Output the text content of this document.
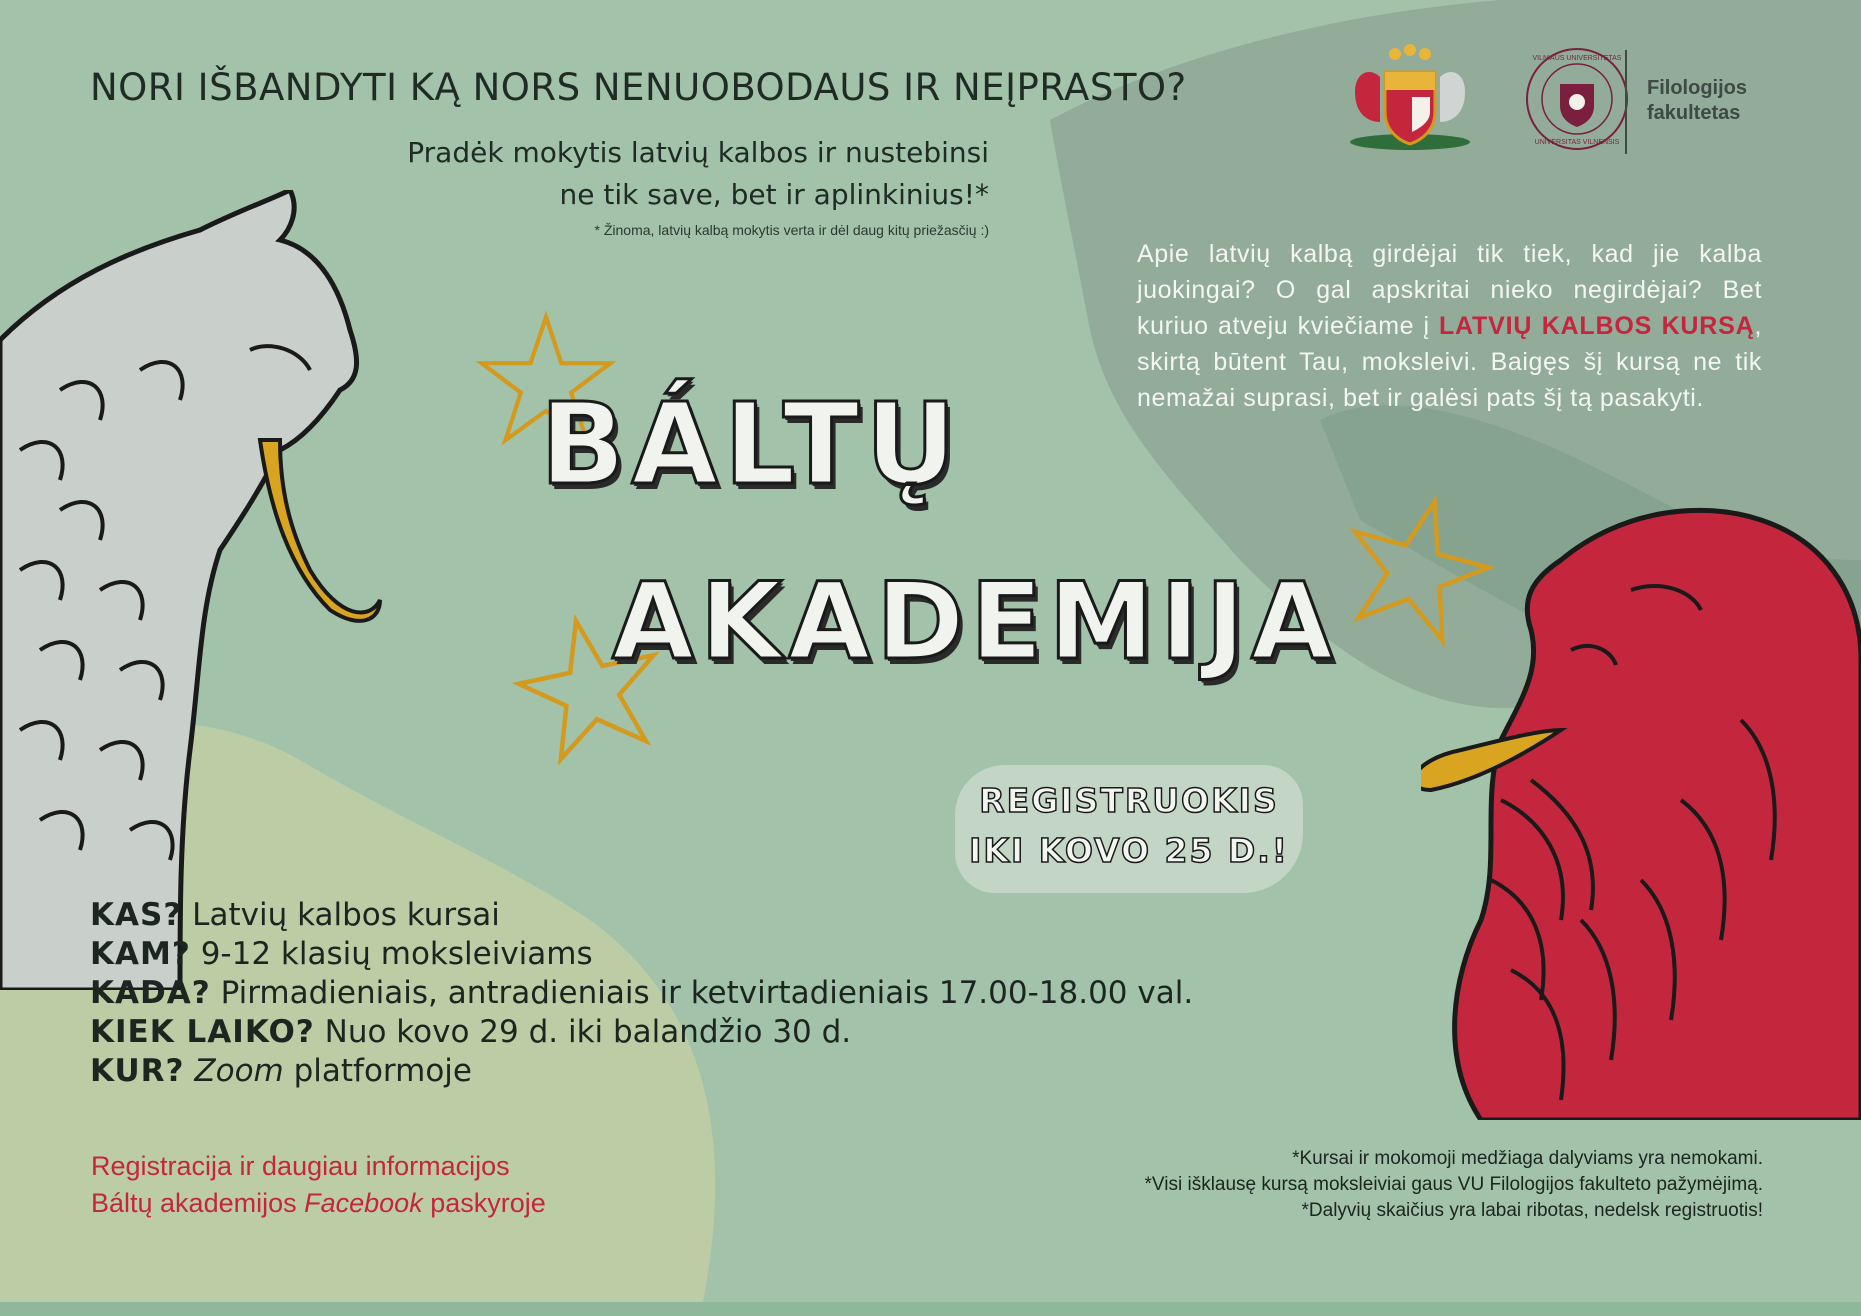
NORI IŠBANDYTI KĄ NORS NENUOBODAUS IR NEĮPRASTO?
Pradėk mokytis latvių kalbos ir nustebinsi
ne tik save, bet ir aplinkinius!*
* Žinoma, latvių kalbą mokytis verta ir dėl daug kitų priežasčių :)
VILNIAUS UNIVERSITETAS
UNIVERSITAS VILNENSIS
Filologijos
fakultetas
Apie latvių kalbą girdėjai tik tiek, kad jie kalba juokingai? O gal apskritai nieko negirdėjai? Bet kuriuo atveju kviečiame į LATVIŲ KALBOS KURSĄ, skirtą būtent Tau, moksleivi. Baigęs šį kursą ne tik nemažai suprasi, bet ir galėsi pats šį tą pasakyti.
BÁLTŲ
AKADEMIJA
REGISTRUOKIS
IKI KOVO 25 D.!
KAS? Latvių kalbos kursai
KAM? 9-12 klasių moksleiviams
KADA? Pirmadieniais, antradieniais ir ketvirtadieniais 17.00-18.00 val.
KIEK LAIKO? Nuo kovo 29 d. iki balandžio 30 d.
KUR? Zoom platformoje
Registracija ir daugiau informacijos
Báltų akademijos Facebook paskyroje
*Kursai ir mokomoji medžiaga dalyviams yra nemokami.
*Visi išklausę kursą moksleiviai gaus VU Filologijos fakulteto pažymėjimą.
*Dalyvių skaičius yra labai ribotas, nedelsk registruotis!
